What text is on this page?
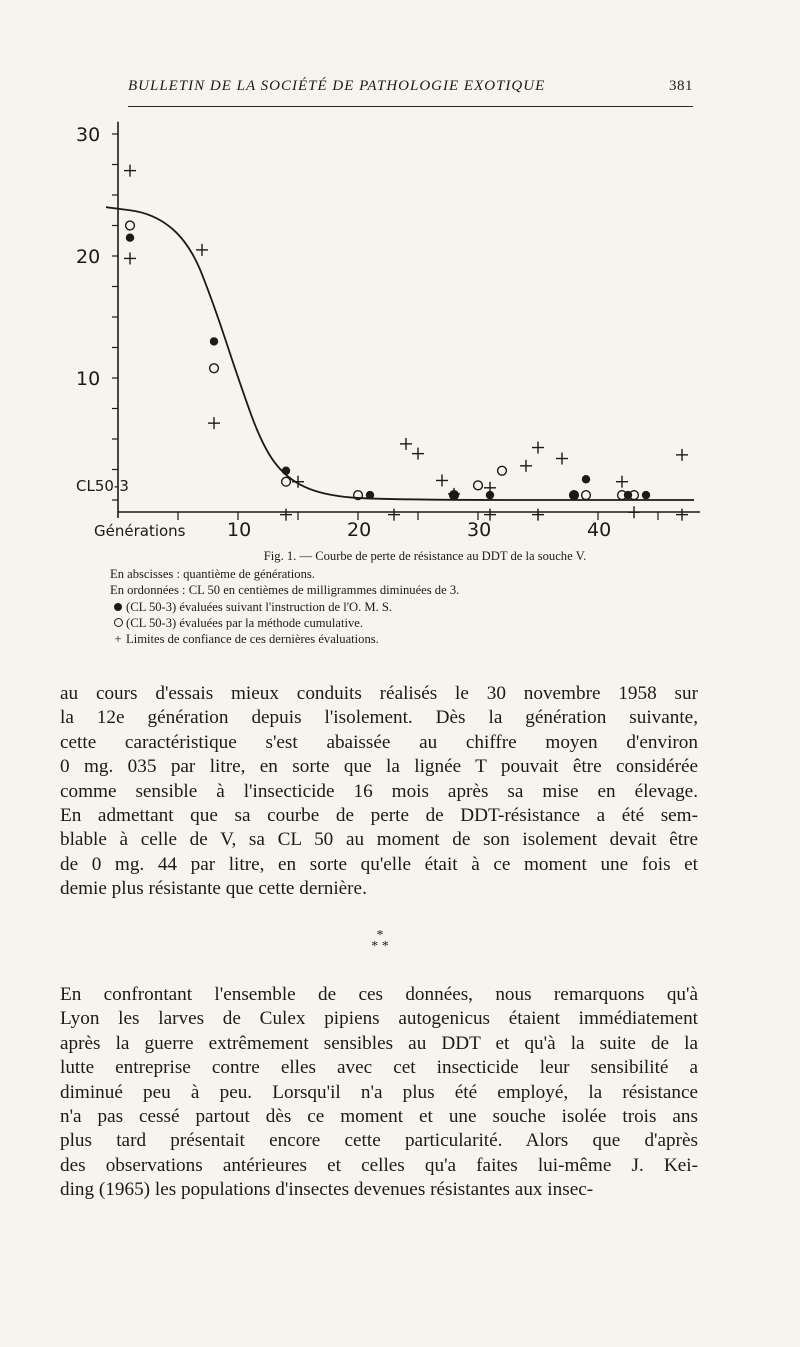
BULLETIN DE LA SOCIÉTÉ DE PATHOLOGIE EXOTIQUE	381
10
20
30
CL50-3
10	20	30	40
Générations
Fig. 1. — Courbe de perte de résistance au DDT de la souche V.
En abscisses : quantième de générations.
En ordonnées : CL 50 en centièmes de milligrammes diminuées de 3.
(CL 50-3) évaluées suivant l'instruction de l'O. M. S.
(CL 50-3) évaluées par la méthode cumulative.
+ Limites de confiance de ces dernières évaluations.
au cours d'essais mieux conduits réalisés le 30 novembre 1958 sur
la 12e génération depuis l'isolement. Dès la génération suivante,
cette caractéristique s'est abaissée au chiffre moyen d'environ
0 mg. 035 par litre, en sorte que la lignée T pouvait être considérée
comme sensible à l'insecticide 16 mois après sa mise en élevage.
En admettant que sa courbe de perte de DDT-résistance a été sem-
blable à celle de V, sa CL 50 au moment de son isolement devait être
de 0 mg. 44 par litre, en sorte qu'elle était à ce moment une fois et
demie plus résistante que cette dernière.
*
* *
En confrontant l'ensemble de ces données, nous remarquons qu'à
Lyon les larves de Culex pipiens autogenicus étaient immédiatement
après la guerre extrêmement sensibles au DDT et qu'à la suite de la
lutte entreprise contre elles avec cet insecticide leur sensibilité a
diminué peu à peu. Lorsqu'il n'a plus été employé, la résistance
n'a pas cessé partout dès ce moment et une souche isolée trois ans
plus tard présentait encore cette particularité. Alors que d'après
des observations antérieures et celles qu'a faites lui-même J. Kei-
ding (1965) les populations d'insectes devenues résistantes aux insec-
